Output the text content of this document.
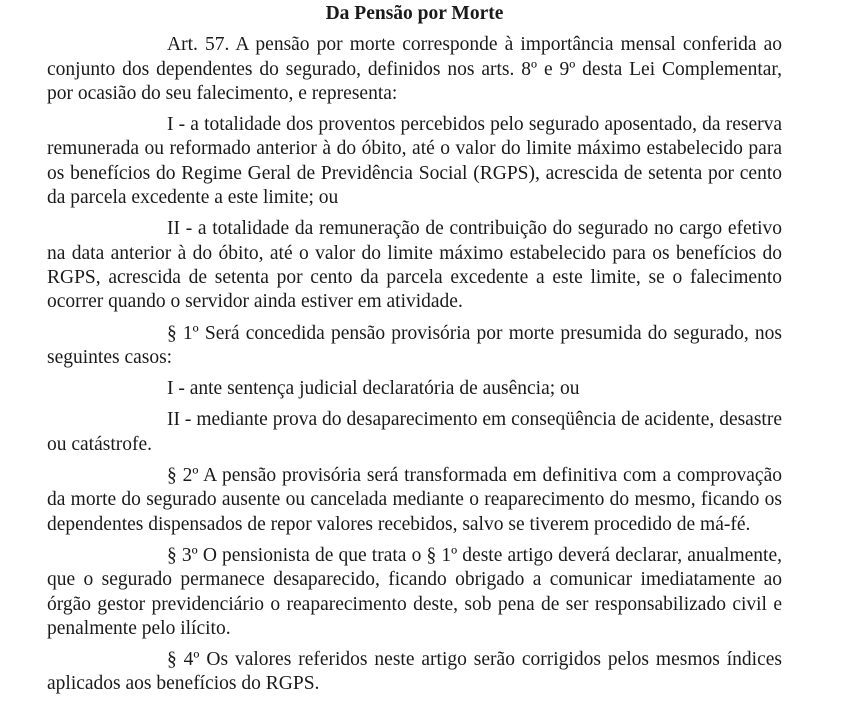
Da Pensão por Morte

Art. 57. A pensão por morte corresponde à importância mensal conferida ao conjunto dos dependentes do segurado, definidos nos arts. 8º e 9º desta Lei Complementar, por ocasião do seu falecimento, e representa:

I - a totalidade dos proventos percebidos pelo segurado aposentado, da reserva remunerada ou reformado anterior à do óbito, até o valor do limite máximo estabelecido para os benefícios do Regime Geral de Previdência Social (RGPS), acrescida de setenta por cento da parcela excedente a este limite; ou

II - a totalidade da remuneração de contribuição do segurado no cargo efetivo na data anterior à do óbito, até o valor do limite máximo estabelecido para os benefícios do RGPS, acrescida de setenta por cento da parcela excedente a este limite, se o falecimento ocorrer quando o servidor ainda estiver em atividade.

§ 1º Será concedida pensão provisória por morte presumida do segurado, nos seguintes casos:

I - ante sentença judicial declaratória de ausência; ou

II - mediante prova do desaparecimento em conseqüência de acidente, desastre ou catástrofe.

§ 2º A pensão provisória será transformada em definitiva com a comprovação da morte do segurado ausente ou cancelada mediante o reaparecimento do mesmo, ficando os dependentes dispensados de repor valores recebidos, salvo se tiverem procedido de má-fé.

§ 3º O pensionista de que trata o § 1º deste artigo deverá declarar, anualmente, que o segurado permanece desaparecido, ficando obrigado a comunicar imediatamente ao órgão gestor previdenciário o reaparecimento deste, sob pena de ser responsabilizado civil e penalmente pelo ilícito.

§ 4º Os valores referidos neste artigo serão corrigidos pelos mesmos índices aplicados aos benefícios do RGPS.
